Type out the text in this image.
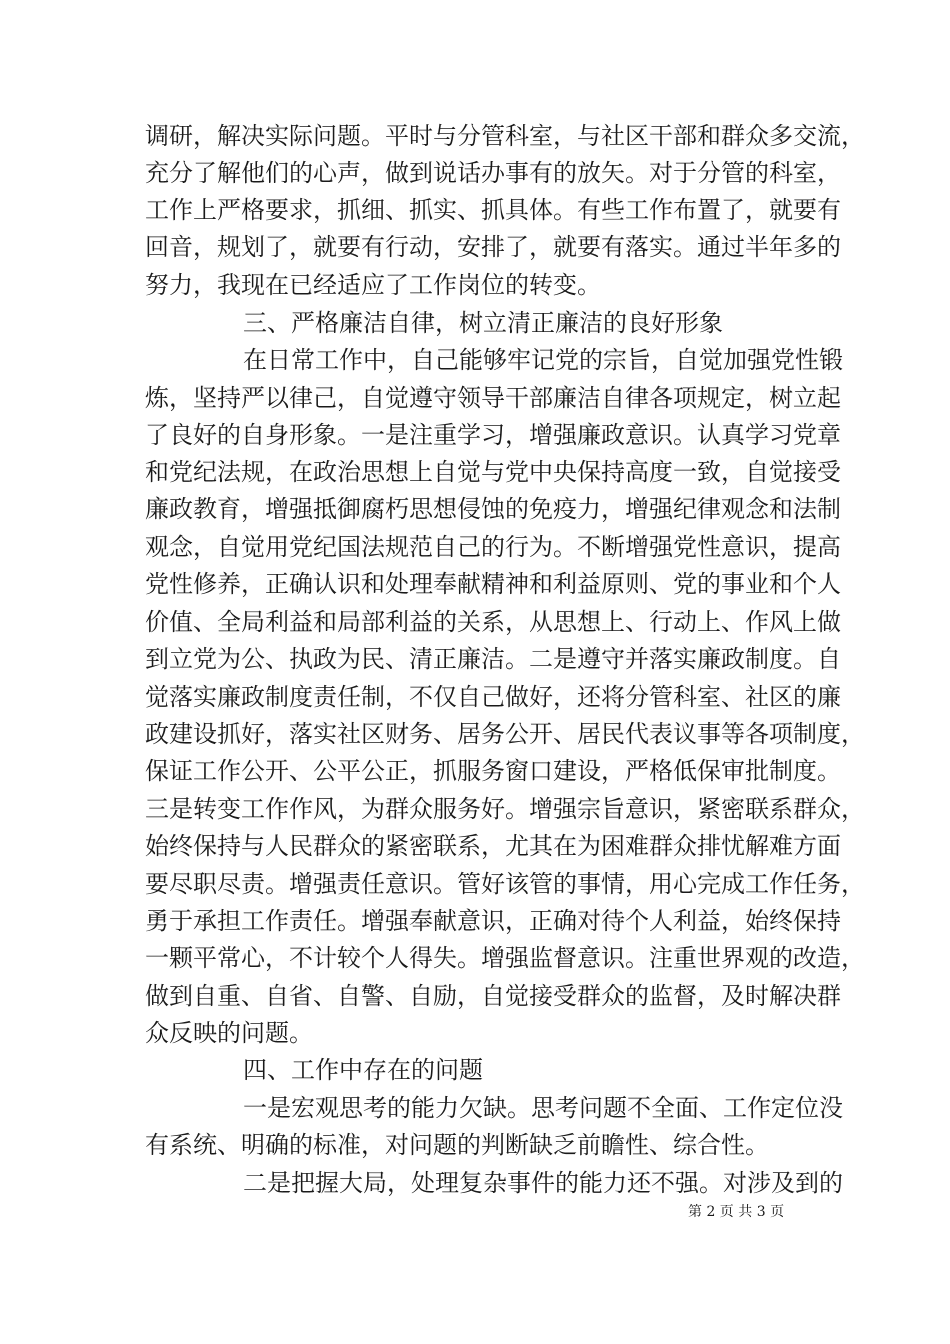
调研，解决实际问题。平时与分管科室，与社区干部和群众多交流，
充分了解他们的心声，做到说话办事有的放矢。对于分管的科室，
工作上严格要求，抓细、抓实、抓具体。有些工作布置了，就要有
回音，规划了，就要有行动，安排了，就要有落实。通过半年多的
努力，我现在已经适应了工作岗位的转变。
三、严格廉洁自律，树立清正廉洁的良好形象
在日常工作中，自己能够牢记党的宗旨，自觉加强党性锻
炼，坚持严以律己，自觉遵守领导干部廉洁自律各项规定，树立起
了良好的自身形象。一是注重学习，增强廉政意识。认真学习党章
和党纪法规，在政治思想上自觉与党中央保持高度一致，自觉接受
廉政教育，增强抵御腐朽思想侵蚀的免疫力，增强纪律观念和法制
观念，自觉用党纪国法规范自己的行为。不断增强党性意识，提高
党性修养，正确认识和处理奉献精神和利益原则、党的事业和个人
价值、全局利益和局部利益的关系，从思想上、行动上、作风上做
到立党为公、执政为民、清正廉洁。二是遵守并落实廉政制度。自
觉落实廉政制度责任制，不仅自己做好，还将分管科室、社区的廉
政建设抓好，落实社区财务、居务公开、居民代表议事等各项制度，
保证工作公开、公平公正，抓服务窗口建设，严格低保审批制度。
三是转变工作作风，为群众服务好。增强宗旨意识，紧密联系群众，
始终保持与人民群众的紧密联系，尤其在为困难群众排忧解难方面
要尽职尽责。增强责任意识。管好该管的事情，用心完成工作任务，
勇于承担工作责任。增强奉献意识，正确对待个人利益，始终保持
一颗平常心，不计较个人得失。增强监督意识。注重世界观的改造，
做到自重、自省、自警、自励，自觉接受群众的监督，及时解决群
众反映的问题。
四、工作中存在的问题
一是宏观思考的能力欠缺。思考问题不全面、工作定位没
有系统、明确的标准，对问题的判断缺乏前瞻性、综合性。
二是把握大局，处理复杂事件的能力还不强。对涉及到的
第 2 页 共 3 页
